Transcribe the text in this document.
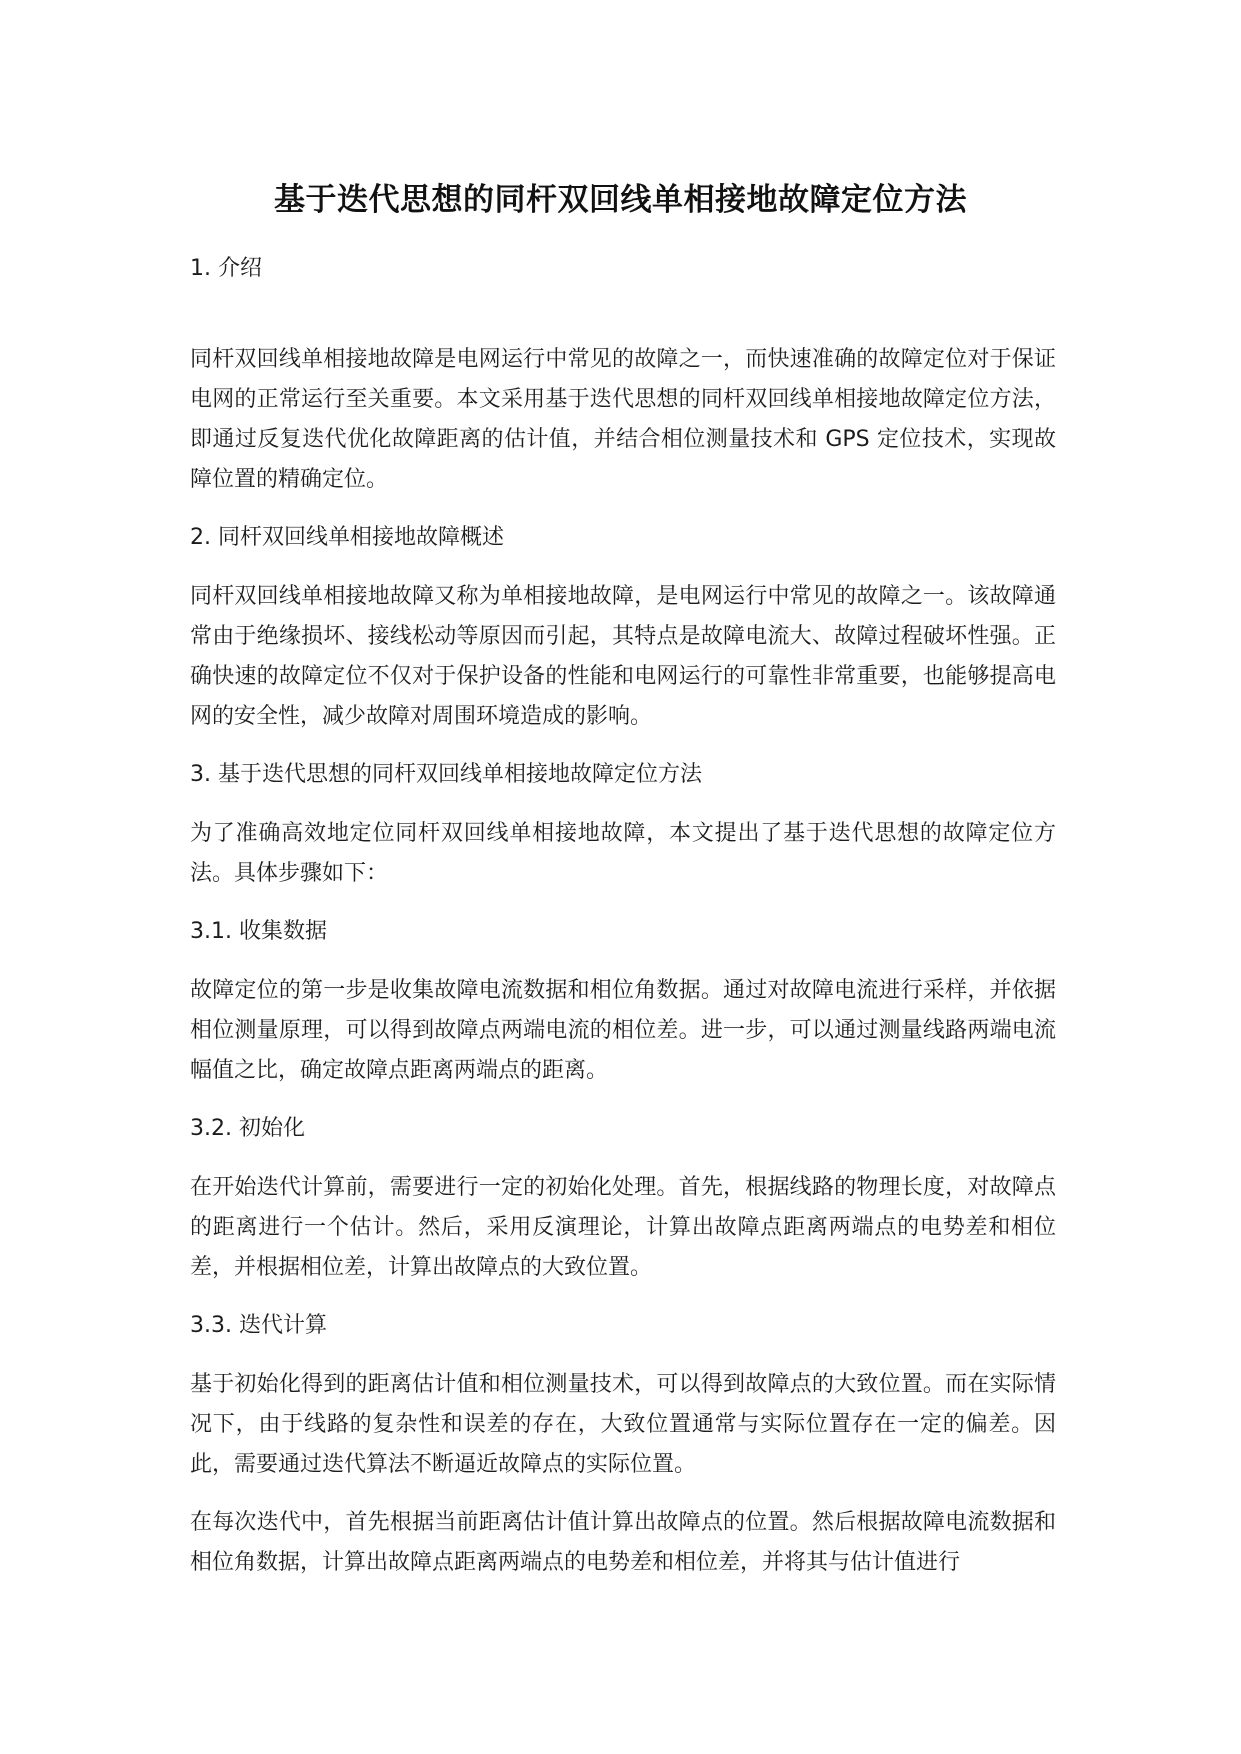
基于迭代思想的同杆双回线单相接地故障定位方法
1. 介绍
同杆双回线单相接地故障是电网运行中常见的故障之一，而快速准确的故障定位对于保证电网的正常运行至关重要。本文采用基于迭代思想的同杆双回线单相接地故障定位方法，即通过反复迭代优化故障距离的估计值，并结合相位测量技术和 GPS 定位技术，实现故障位置的精确定位。
2. 同杆双回线单相接地故障概述
同杆双回线单相接地故障又称为单相接地故障，是电网运行中常见的故障之一。该故障通常由于绝缘损坏、接线松动等原因而引起，其特点是故障电流大、故障过程破坏性强。正确快速的故障定位不仅对于保护设备的性能和电网运行的可靠性非常重要，也能够提高电网的安全性，减少故障对周围环境造成的影响。
3. 基于迭代思想的同杆双回线单相接地故障定位方法
为了准确高效地定位同杆双回线单相接地故障，本文提出了基于迭代思想的故障定位方法。具体步骤如下：
3.1. 收集数据
故障定位的第一步是收集故障电流数据和相位角数据。通过对故障电流进行采样，并依据相位测量原理，可以得到故障点两端电流的相位差。进一步，可以通过测量线路两端电流幅值之比，确定故障点距离两端点的距离。
3.2. 初始化
在开始迭代计算前，需要进行一定的初始化处理。首先，根据线路的物理长度，对故障点的距离进行一个估计。然后，采用反演理论，计算出故障点距离两端点的电势差和相位差，并根据相位差，计算出故障点的大致位置。
3.3. 迭代计算
基于初始化得到的距离估计值和相位测量技术，可以得到故障点的大致位置。而在实际情况下，由于线路的复杂性和误差的存在，大致位置通常与实际位置存在一定的偏差。因此，需要通过迭代算法不断逼近故障点的实际位置。
在每次迭代中，首先根据当前距离估计值计算出故障点的位置。然后根据故障电流数据和相位角数据，计算出故障点距离两端点的电势差和相位差，并将其与估计值进行
